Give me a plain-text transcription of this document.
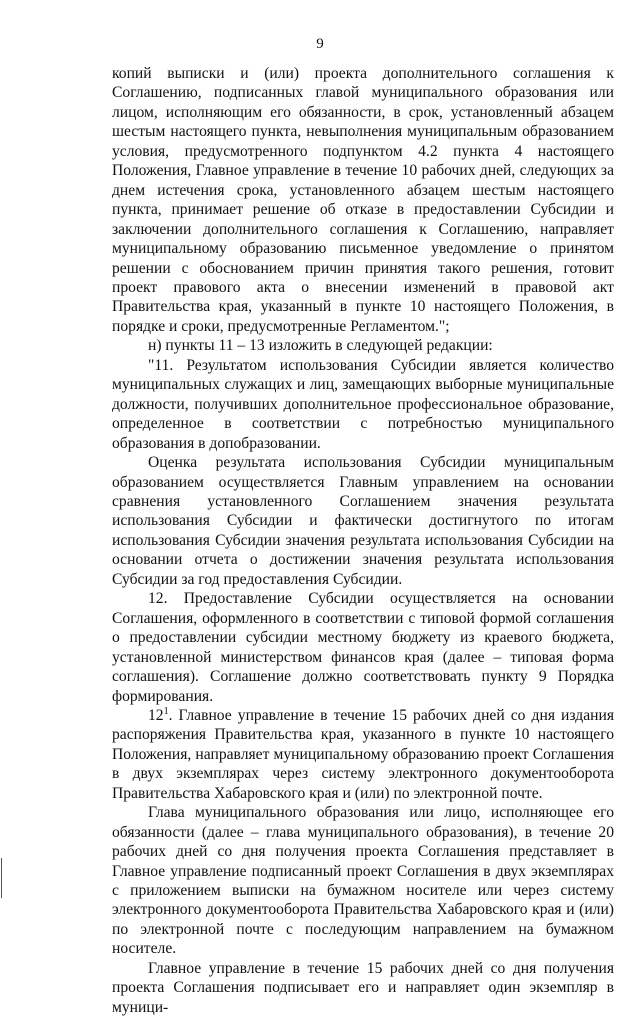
9

копий выписки и (или) проекта дополнительного соглашения к Соглашению, подписанных главой муниципального образования или лицом, исполняющим его обязанности, в срок, установленный абзацем шестым настоящего пункта, невыполнения муниципальным образованием условия, предусмотренного подпунктом 4.2 пункта 4 настоящего Положения, Главное управление в течение 10 рабочих дней, следующих за днем истечения срока, установленного абзацем шестым настоящего пункта, принимает решение об отказе в предоставлении Субсидии и заключении дополнительного соглашения к Соглашению, направляет муниципальному образованию письменное уведомление о принятом решении с обоснованием причин принятия такого решения, готовит проект правового акта о внесении изменений в правовой акт Правительства края, указанный в пункте 10 настоящего Положения, в порядке и сроки, предусмотренные Регламентом.";

н) пункты 11 – 13 изложить в следующей редакции:

"11. Результатом использования Субсидии является количество муниципальных служащих и лиц, замещающих выборные муниципальные должности, получивших дополнительное профессиональное образование, определенное в соответствии с потребностью муниципального образования в допобразовании.

Оценка результата использования Субсидии муниципальным образованием осуществляется Главным управлением на основании сравнения установленного Соглашением значения результата использования Субсидии и фактически достигнутого по итогам использования Субсидии значения результата использования Субсидии на основании отчета о достижении значения результата использования Субсидии за год предоставления Субсидии.

12. Предоставление Субсидии осуществляется на основании Соглашения, оформленного в соответствии с типовой формой соглашения о предоставлении субсидии местному бюджету из краевого бюджета, установленной министерством финансов края (далее – типовая форма соглашения). Соглашение должно соответствовать пункту 9 Порядка формирования.

$12^1$. Главное управление в течение 15 рабочих дней со дня издания распоряжения Правительства края, указанного в пункте 10 настоящего Положения, направляет муниципальному образованию проект Соглашения в двух экземплярах через систему электронного документооборота Правительства Хабаровского края и (или) по электронной почте.

Глава муниципального образования или лицо, исполняющее его обязанности (далее – глава муниципального образования), в течение 20 рабочих дней со дня получения проекта Соглашения представляет в Главное управление подписанный проект Соглашения в двух экземплярах с приложением выписки на бумажном носителе или через систему электронного документооборота Правительства Хабаровского края и (или) по электронной почте с последующим направлением на бумажном носителе.

Главное управление в течение 15 рабочих дней со дня получения проекта Соглашения подписывает его и направляет один экземпляр в муници-
